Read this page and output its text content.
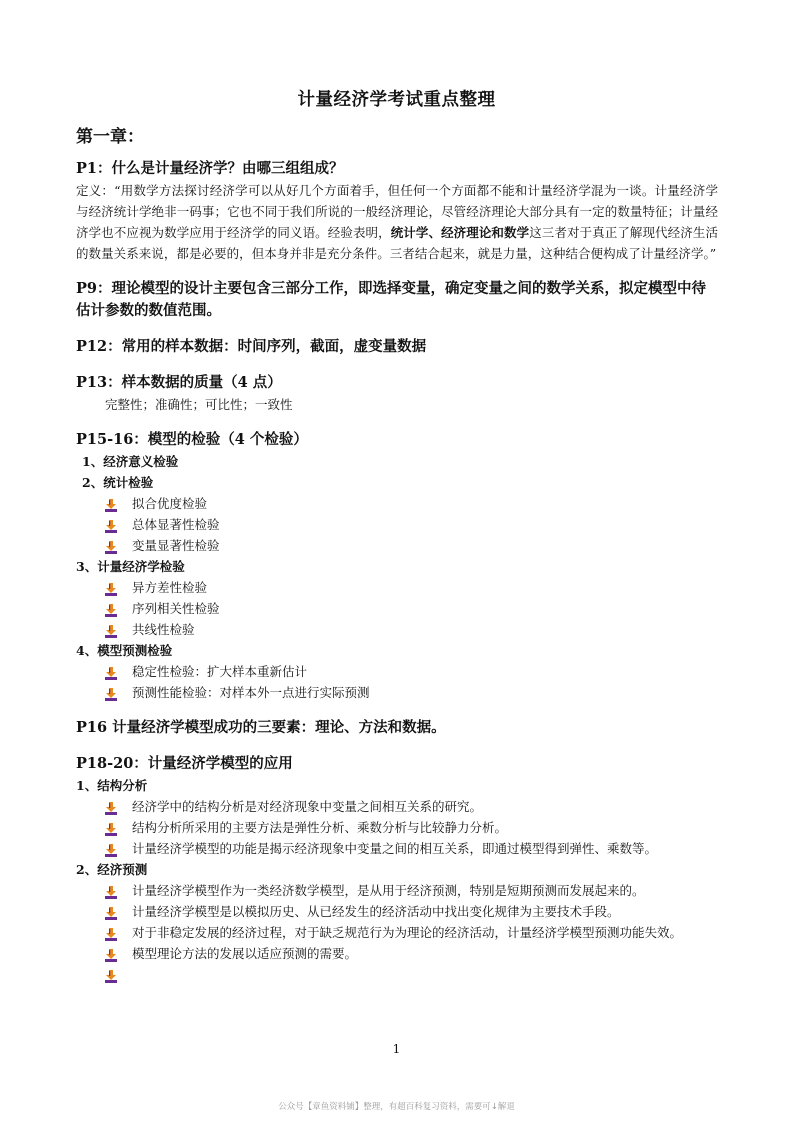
计量经济学考试重点整理
第一章：
P1：什么是计量经济学？由哪三组组成？

定义：“用数学方法探讨经济学可以从好几个方面着手，但任何一个方面都不能和计量经济学混为一谈。计量经济学与经济统计学绝非一码事；它也不同于我们所说的一般经济理论，尽管经济理论大部分具有一定的数量特征；计量经济学也不应视为数学应用于经济学的同义语。经验表明，统计学、经济理论和数学这三者对于真正了解现代经济生活的数量关系来说，都是必要的，但本身并非是充分条件。三者结合起来，就是力量，这种结合便构成了计量经济学。”

P9：理论模型的设计主要包含三部分工作，即选择变量，确定变量之间的数学关系，拟定模型中待估计参数的数值范围。

P12：常用的样本数据：时间序列，截面，虚变量数据

P13：样本数据的质量（4 点）

完整性；准确性；可比性；一致性

P15-16：模型的检验（4 个检验）

1、经济意义检验

2、统计检验

拟合优度检验
总体显著性检验
变量显著性检验

3、计量经济学检验

异方差性检验
序列相关性检验
共线性检验

4、模型预测检验

稳定性检验：扩大样本重新估计
预测性能检验：对样本外一点进行实际预测

P16 计量经济学模型成功的三要素：理论、方法和数据。

P18-20：计量经济学模型的应用

1、结构分析

经济学中的结构分析是对经济现象中变量之间相互关系的研究。
结构分析所采用的主要方法是弹性分析、乘数分析与比较静力分析。
计量经济学模型的功能是揭示经济现象中变量之间的相互关系，即通过模型得到弹性、乘数等。

2、经济预测

计量经济学模型作为一类经济数学模型，是从用于经济预测，特别是短期预测而发展起来的。
计量经济学模型是以模拟历史、从已经发生的经济活动中找出变化规律为主要技术手段。
对于非稳定发展的经济过程，对于缺乏规范行为为理论的经济活动，计量经济学模型预测功能失效。
模型理论方法的发展以适应预测的需要。
1
公众号【章鱼资料铺】整理，有超百科复习资料，需要可↓解退
